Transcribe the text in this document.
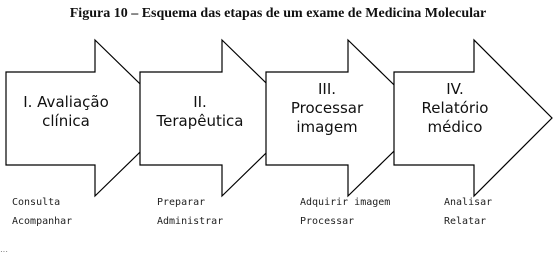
Figura 10 – Esquema das etapas de um exame de Medicina Molecular
I. Avaliação
clínica
II.
Terapêutica
III.
Processar
imagem
IV.
Relatório
médico
Consulta
Acompanhar
Preparar
Administrar
Adquirir imagem
Processar
Analisar
Relatar
···
